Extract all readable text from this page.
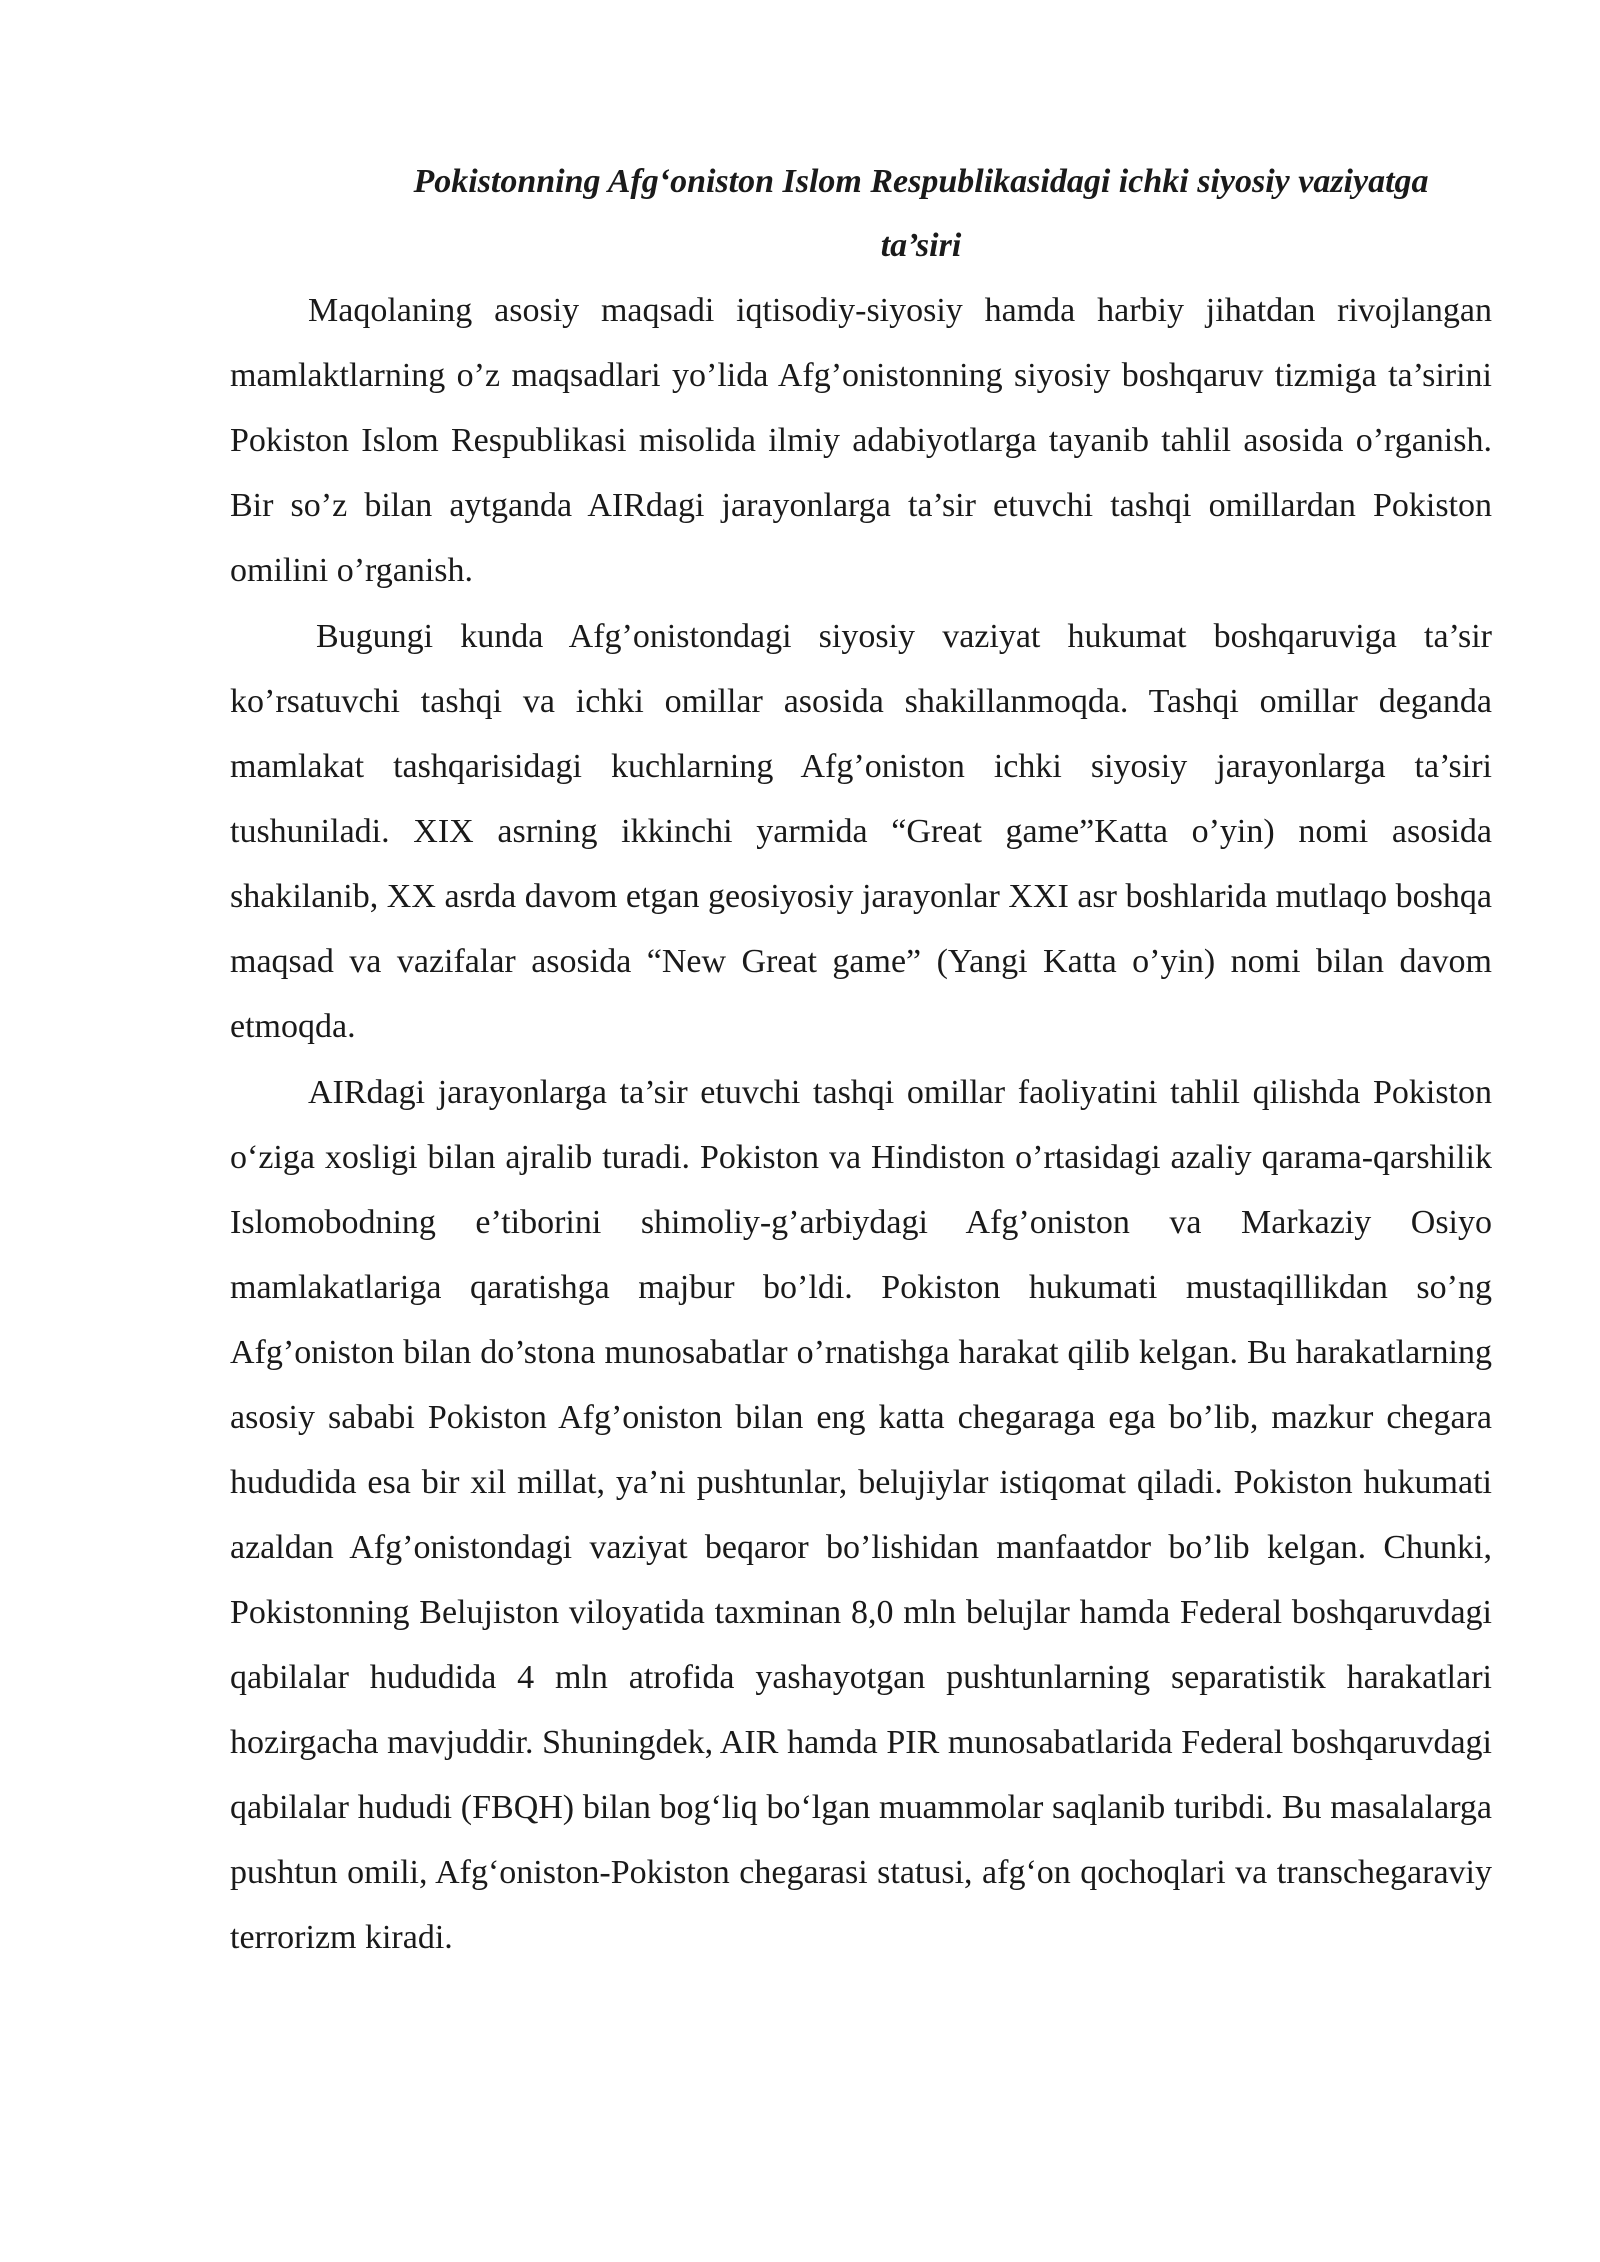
Pokistonning Afg‘oniston Islom Respublikasidagi ichki siyosiy vaziyatga
ta’siri

Maqolaning asosiy maqsadi iqtisodiy-siyosiy hamda harbiy jihatdan rivojlangan mamlaktlarning o’z maqsadlari yo’lida Afg’onistonning siyosiy boshqaruv tizmiga ta’sirini Pokiston Islom Respublikasi misolida ilmiy adabiyotlarga tayanib tahlil asosida o’rganish. Bir so’z bilan aytganda AIRdagi jarayonlarga ta’sir etuvchi tashqi omillardan Pokiston omilini o’rganish.

Bugungi kunda Afg’onistondagi siyosiy vaziyat hukumat boshqaruviga ta’sir ko’rsatuvchi tashqi va ichki omillar asosida shakillanmoqda. Tashqi omillar deganda mamlakat tashqarisidagi kuchlarning Afg’oniston ichki siyosiy jarayonlarga ta’siri tushuniladi. XIX asrning ikkinchi yarmida “Great game”Katta o’yin) nomi asosida shakilanib, XX asrda davom etgan geosiyosiy jarayonlar XXI asr boshlarida mutlaqo boshqa maqsad va vazifalar asosida “New Great game” (Yangi Katta o’yin) nomi bilan davom etmoqda.

AIRdagi jarayonlarga ta’sir etuvchi tashqi omillar faoliyatini tahlil qilishda Pokiston o‘ziga xosligi bilan ajralib turadi. Pokiston va Hindiston o’rtasidagi azaliy qarama-qarshilik Islomobodning e’tiborini shimoliy-g’arbiydagi Afg’oniston va Markaziy Osiyo mamlakatlariga qaratishga majbur bo’ldi. Pokiston hukumati mustaqillikdan so’ng Afg’oniston bilan do’stona munosabatlar o’rnatishga harakat qilib kelgan. Bu harakatlarning asosiy sababi Pokiston Afg’oniston bilan eng katta chegaraga ega bo’lib, mazkur chegara hududida esa bir xil millat, ya’ni pushtunlar, belujiylar istiqomat qiladi. Pokiston hukumati azaldan Afg’onistondagi vaziyat beqaror bo’lishidan manfaatdor bo’lib kelgan. Chunki, Pokistonning Belujiston viloyatida taxminan 8,0 mln belujlar hamda Federal boshqaruvdagi qabilalar hududida 4 mln atrofida yashayotgan pushtunlarning separatistik harakatlari hozirgacha mavjuddir. Shuningdek, AIR hamda PIR munosabatlarida Federal boshqaruvdagi qabilalar hududi (FBQH) bilan bog‘liq bo‘lgan muammolar saqlanib turibdi. Bu masalalarga pushtun omili, Afg‘oniston-Pokiston chegarasi statusi, afg‘on qochoqlari va transchegaraviy terrorizm kiradi.
